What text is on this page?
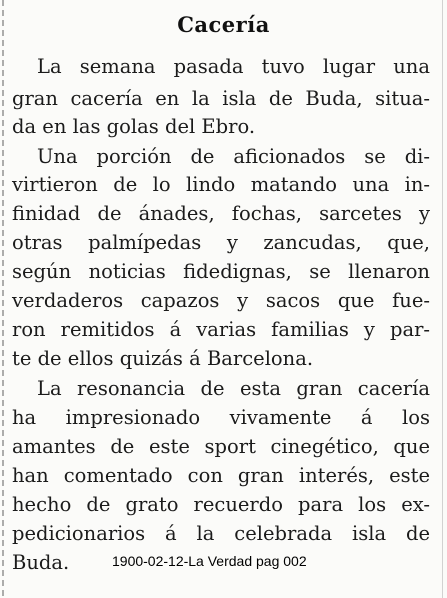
Cacería
La semana pasada tuvo lugar una
gran cacería en la isla de Buda, situa-
da en las golas del Ebro.
Una porción de aficionados se di-
virtieron de lo lindo matando una in-
finidad de ánades, fochas, sarcetes y
otras palmípedas y zancudas, que,
según noticias fidedignas, se llenaron
verdaderos capazos y sacos que fue-
ron remitidos á varias familias y par-
te de ellos quizás á Barcelona.
La resonancia de esta gran cacería
ha impresionado vivamente á los
amantes de este sport cinegético, que
han comentado con gran interés, este
hecho de grato recuerdo para los ex-
pedicionarios á la celebrada isla de
Buda.	1900-02-12-La Verdad pag 002
